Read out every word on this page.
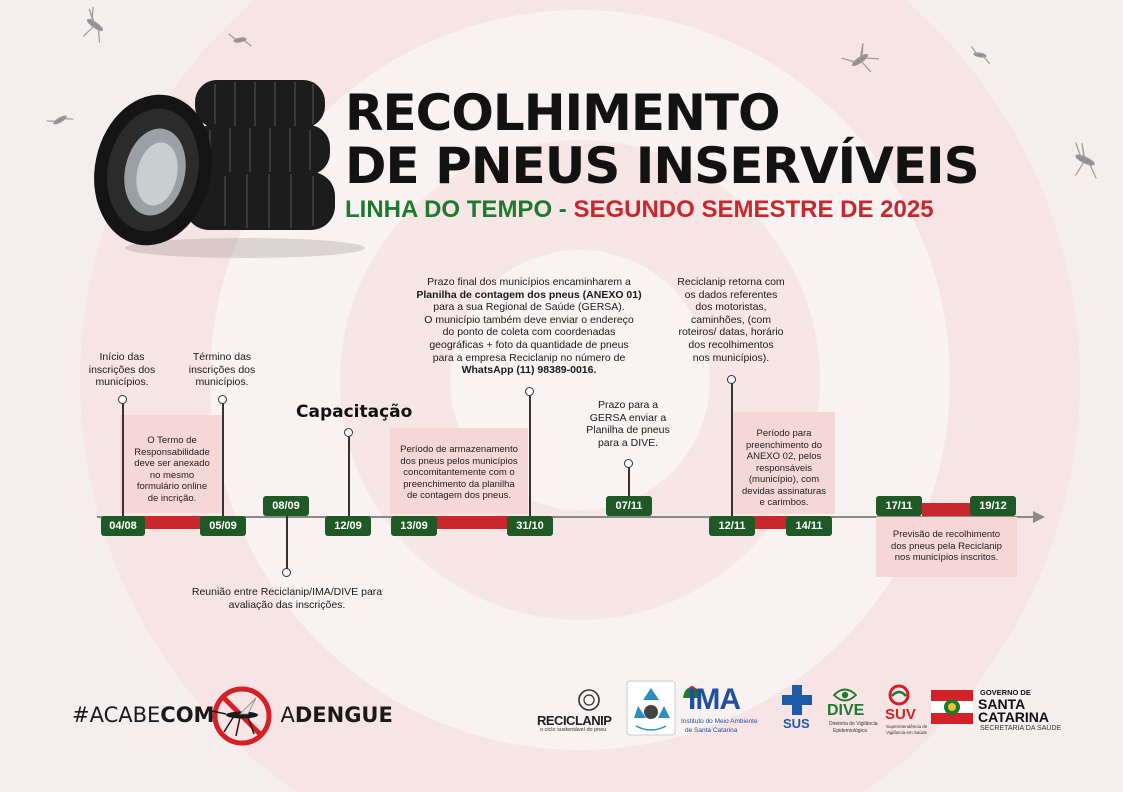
RECOLHIMENTO
DE PNEUS INSERVÍVEIS
LINHA DO TEMPO - SEGUNDO SEMESTRE DE 2025
O Termo de
Responsabilidade
deve ser anexado
no mesmo
formulário online
de incrição.
Período de armazenamento
dos pneus pelos municípios
concomitantemente com o
preenchimento da planilha
de contagem dos pneus.
Período para
preenchimento do
ANEXO 02, pelos
responsáveis
(município), com
devidas assinaturas
e carimbos.
Previsão de recolhimento
dos pneus pela Reciclanip
nos municípios inscritos.
04/08	05/09
08/09
12/09	13/09	31/10
07/11
12/11	14/11
17/11	19/12
Início das
inscrições dos
municípios.
Término das
inscrições dos
municípios.
Capacitação
Reunião entre Reciclanip/IMA/DIVE para
avaliação das inscrições.
Prazo final dos municípios encaminharem a
Planilha de contagem dos pneus (ANEXO 01)
para a sua Regional de Saúde (GERSA).
O município também deve enviar o endereço
do ponto de coleta com coordenadas
geográficas + foto da quantidade de pneus
para a empresa Reciclanip no número de
WhatsApp (11) 98389-0016.
Prazo para a
GERSA enviar a
Planilha de pneus
para a DIVE.
Reciclanip retorna com
os dados referentes
dos motoristas,
caminhões, (com
roteiros/ datas, horário
dos recolhimentos
nos municípios).
#ACABECOM	ADENGUE	RECICLANIP
o ciclo sustentável do pneu
IMA
Instituto do Meio Ambiente
de Santa Catarina	SUS
DIVE
Diretoria de Vigilância
Epidemiológica
SUV
Superintendência de
Vigilância em Saúde
GOVERNO DE
SANTA
CATARINA
SECRETARIA DA SAÚDE
